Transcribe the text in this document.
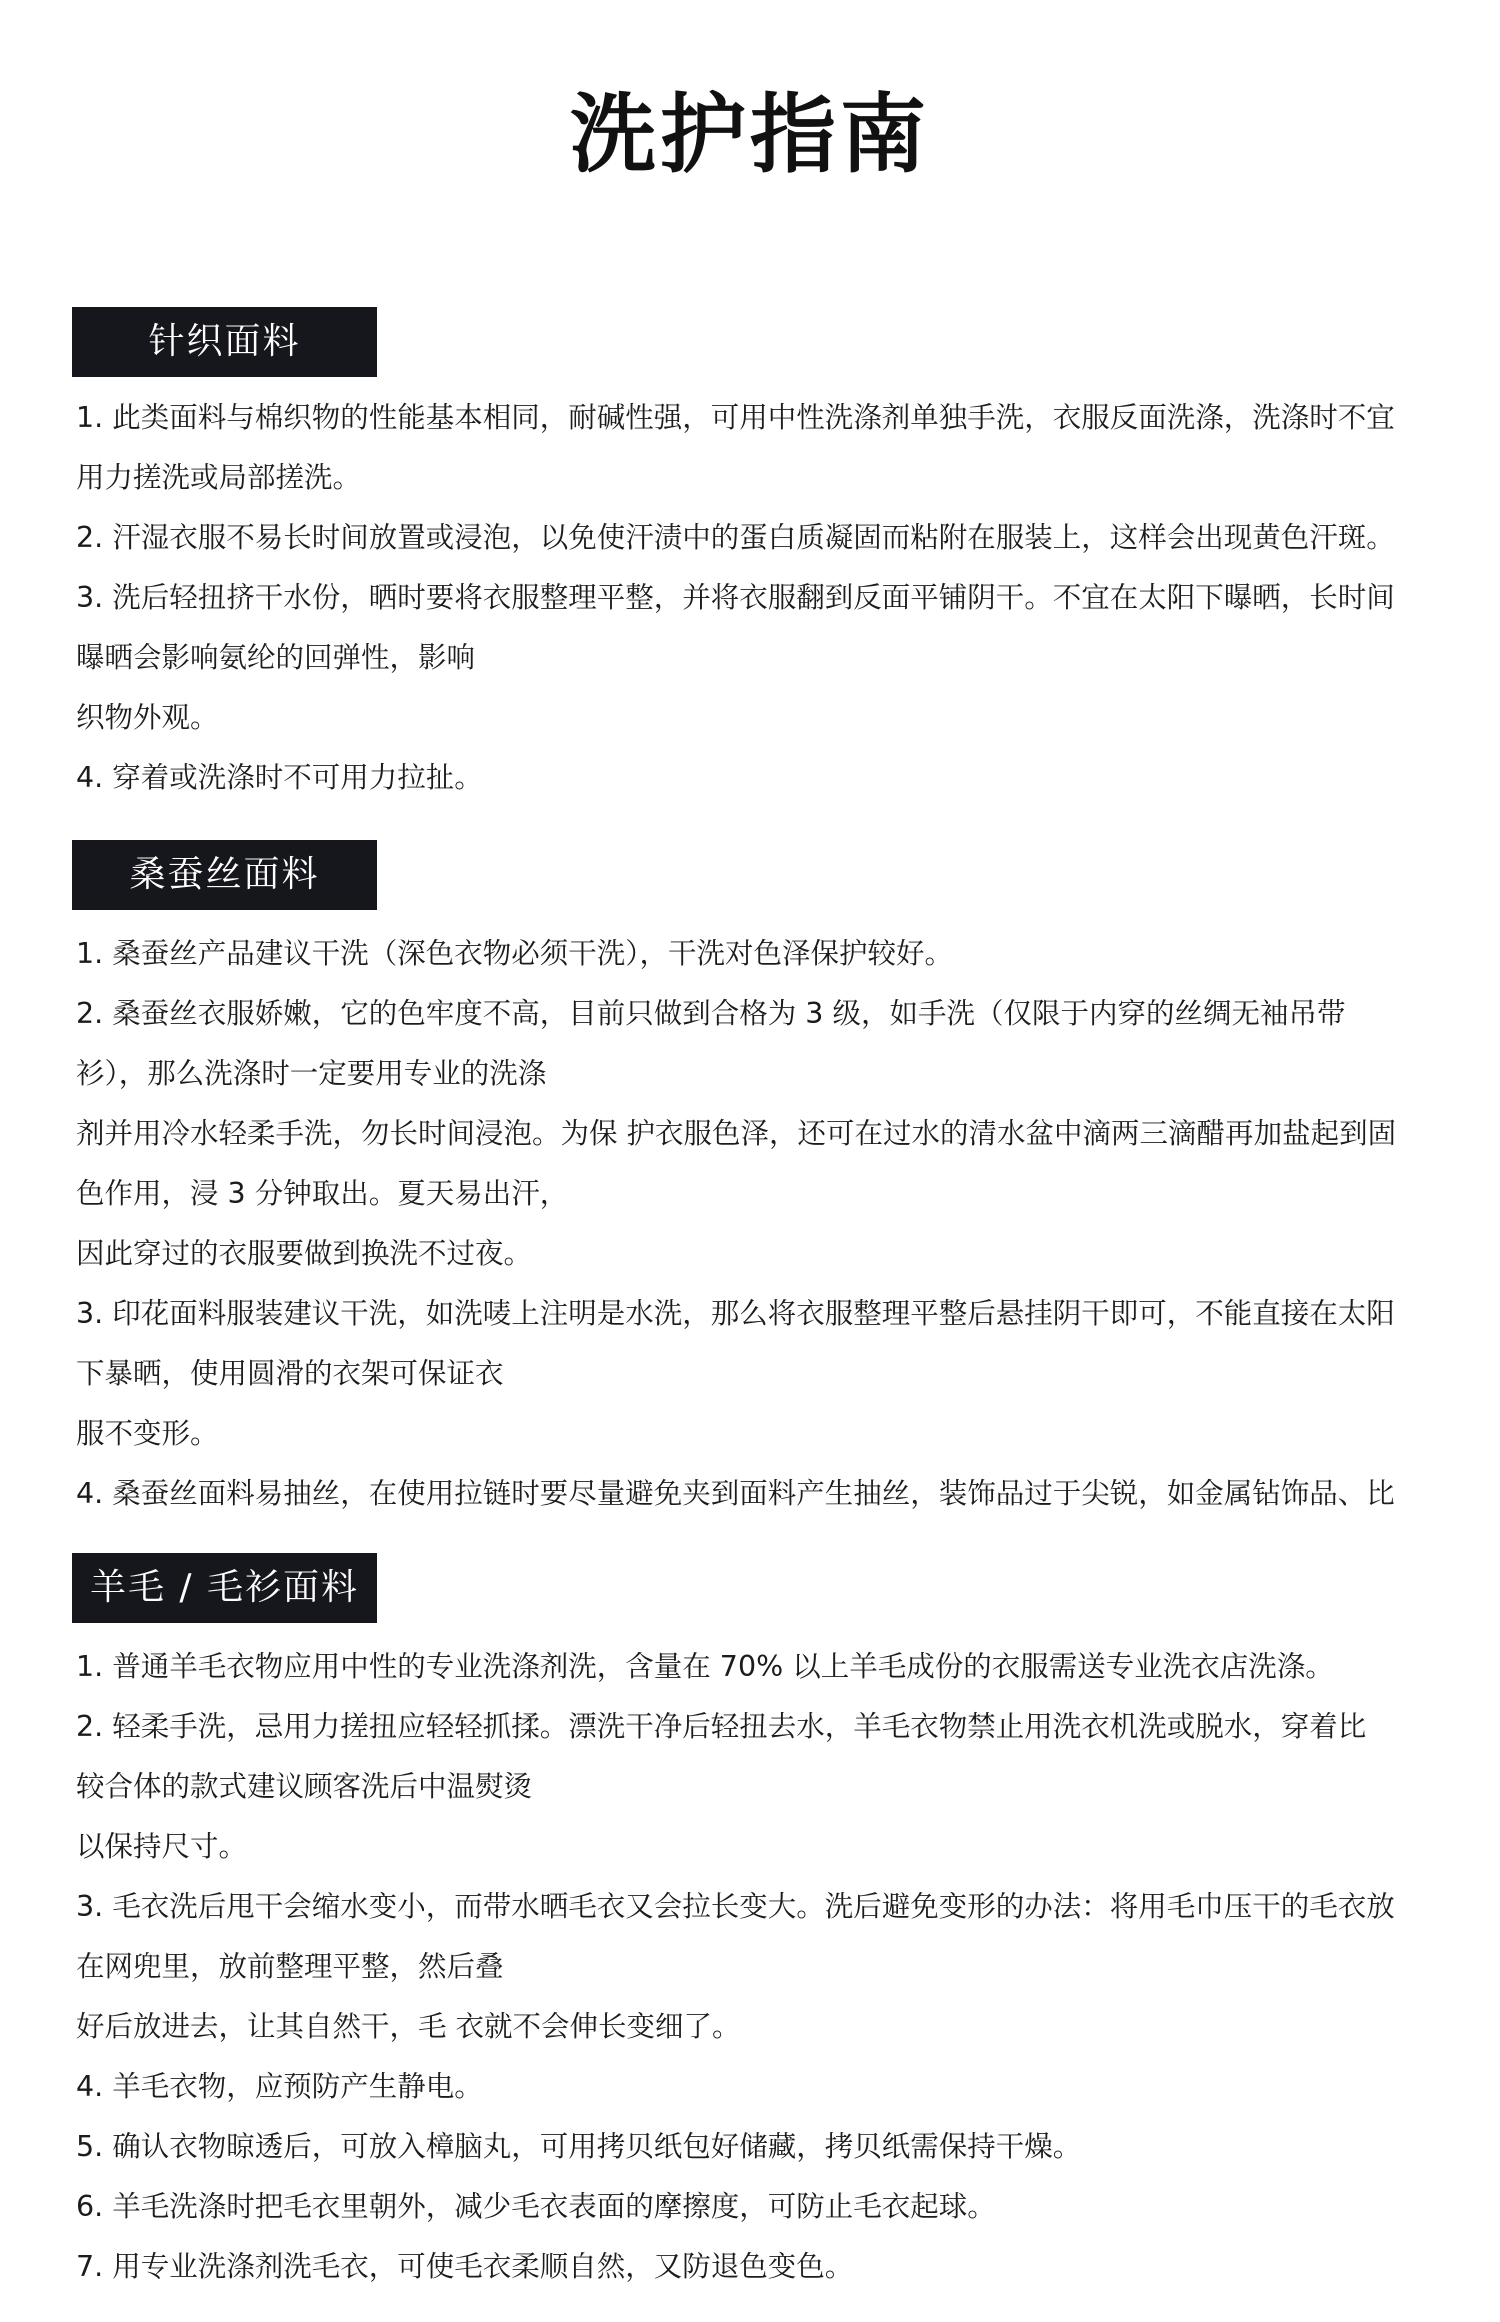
洗护指南
针织面料
1. 此类面料与棉织物的性能基本相同，耐碱性强，可用中性洗涤剂单独手洗，衣服反面洗涤，洗涤时不宜
用力搓洗或局部搓洗。
2. 汗湿衣服不易长时间放置或浸泡，以免使汗渍中的蛋白质凝固而粘附在服装上，这样会出现黄色汗斑。
3. 洗后轻扭挤干水份，晒时要将衣服整理平整，并将衣服翻到反面平铺阴干。不宜在太阳下曝晒，长时间
曝晒会影响氨纶的回弹性，影响
织物外观。
4. 穿着或洗涤时不可用力拉扯。
桑蚕丝面料
1. 桑蚕丝产品建议干洗（深色衣物必须干洗），干洗对色泽保护较好。
2. 桑蚕丝衣服娇嫩，它的色牢度不高，目前只做到合格为 3 级，如手洗（仅限于内穿的丝绸无袖吊带
衫），那么洗涤时一定要用专业的洗涤
剂并用冷水轻柔手洗，勿长时间浸泡。为保 护衣服色泽，还可在过水的清水盆中滴两三滴醋再加盐起到固
色作用，浸 3 分钟取出。夏天易出汗，
因此穿过的衣服要做到换洗不过夜。
3. 印花面料服装建议干洗，如洗唛上注明是水洗，那么将衣服整理平整后悬挂阴干即可，不能直接在太阳
下暴晒，使用圆滑的衣架可保证衣
服不变形。
4. 桑蚕丝面料易抽丝，在使用拉链时要尽量避免夹到面料产生抽丝，装饰品过于尖锐，如金属钻饰品、比
羊毛 / 毛衫面料
1. 普通羊毛衣物应用中性的专业洗涤剂洗，含量在 70% 以上羊毛成份的衣服需送专业洗衣店洗涤。
2. 轻柔手洗，忌用力搓扭应轻轻抓揉。漂洗干净后轻扭去水，羊毛衣物禁止用洗衣机洗或脱水，穿着比
较合体的款式建议顾客洗后中温熨烫
以保持尺寸。
3. 毛衣洗后甩干会缩水变小，而带水晒毛衣又会拉长变大。洗后避免变形的办法：将用毛巾压干的毛衣放
在网兜里，放前整理平整，然后叠
好后放进去，让其自然干，毛 衣就不会伸长变细了。
4. 羊毛衣物，应预防产生静电。
5. 确认衣物晾透后，可放入樟脑丸，可用拷贝纸包好储藏，拷贝纸需保持干燥。
6. 羊毛洗涤时把毛衣里朝外，减少毛衣表面的摩擦度，可防止毛衣起球。
7. 用专业洗涤剂洗毛衣，可使毛衣柔顺自然，又防退色变色。
